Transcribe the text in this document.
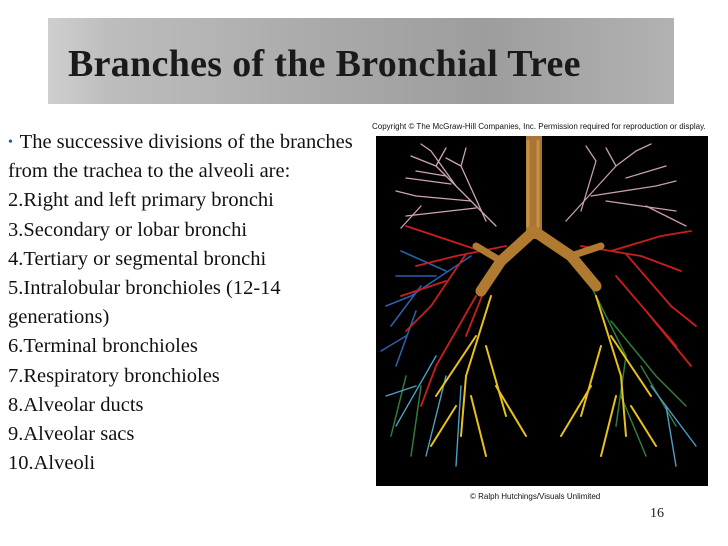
Branches of the Bronchial Tree
Copyright © The McGraw-Hill Companies, Inc. Permission required for reproduction or display.

• The successive divisions of the branches from the trachea to the alveoli are:

2.Right and left primary bronchi
3.Secondary or lobar bronchi
4.Tertiary or segmental bronchi
5.Intralobular bronchioles (12-14 generations)
6.Terminal bronchioles
7.Respiratory bronchioles
8.Alveolar ducts
9.Alveolar sacs
10.Alveoli
© Ralph Hutchings/Visuals Unlimited
16
